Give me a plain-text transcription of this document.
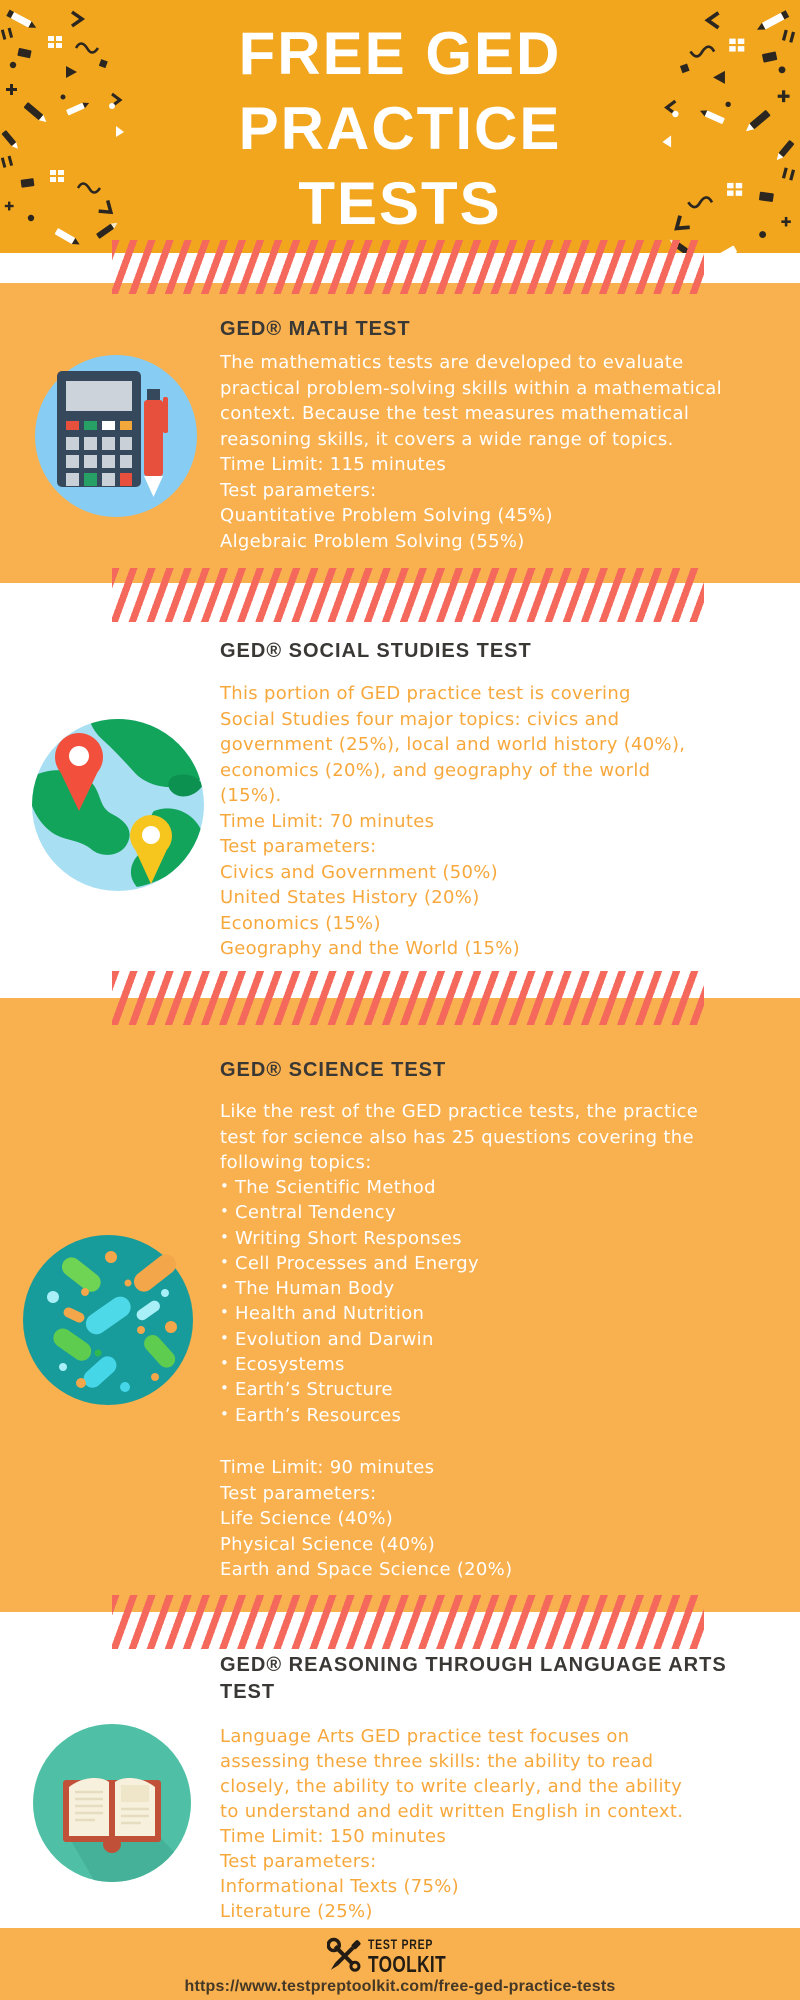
FREE GED
PRACTICE
TESTS
GED® MATH TEST
The mathematics tests are developed to evaluate
practical problem-solving skills within a mathematical
context. Because the test measures mathematical
reasoning skills, it covers a wide range of topics.
Time Limit: 115 minutes
Test parameters:
Quantitative Problem Solving (45%)
Algebraic Problem Solving (55%)
GED® SOCIAL STUDIES TEST
This portion of GED practice test is covering
Social Studies four major topics: civics and
government (25%), local and world history (40%),
economics (20%), and geography of the world
(15%).
Time Limit: 70 minutes
Test parameters:
Civics and Government (50%)
United States History (20%)
Economics (15%)
Geography and the World (15%)
GED® SCIENCE TEST
Like the rest of the GED practice tests, the practice
test for science also has 25 questions covering the
following topics:
• The Scientific Method
• Central Tendency
• Writing Short Responses
• Cell Processes and Energy
• The Human Body
• Health and Nutrition
• Evolution and Darwin
• Ecosystems
• Earth’s Structure
• Earth’s Resources
Time Limit: 90 minutes
Test parameters:
Life Science (40%)
Physical Science (40%)
Earth and Space Science (20%)
GED® REASONING THROUGH LANGUAGE ARTS
TEST
Language Arts GED practice test focuses on
assessing these three skills: the ability to read
closely, the ability to write clearly, and the ability
to understand and edit written English in context.
Time Limit: 150 minutes
Test parameters:
Informational Texts (75%)
Literature (25%)
TEST PREP
TOOLKIT
https://www.testpreptoolkit.com/free-ged-practice-tests
